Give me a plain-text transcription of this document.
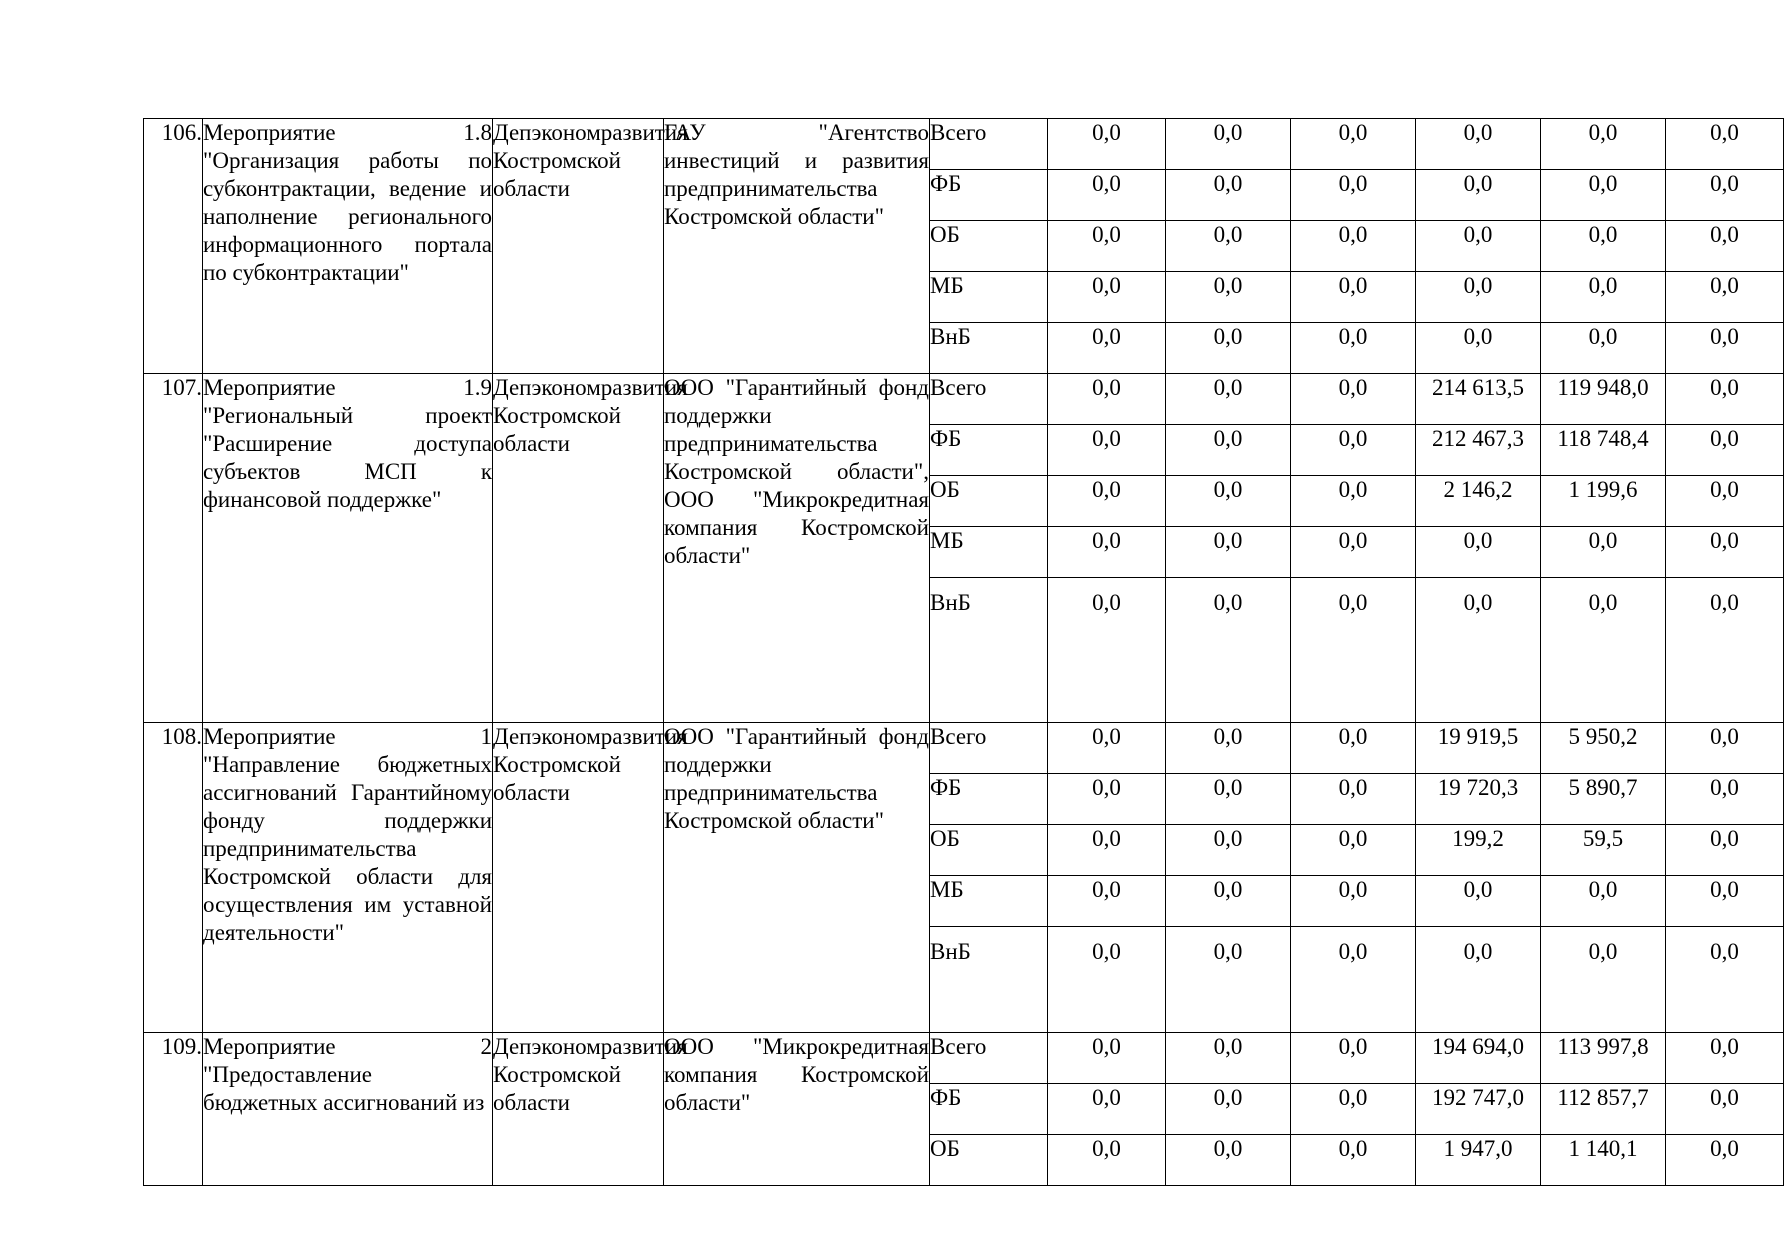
106.	Мероприятие 1.8 "Организация работы по субконтрактации, ведение и наполнение регионального информационного портала по субконтрактации"	Депэкономразвития Костромской области	ГАУ "Агентство инвестиций и развития предпринимательства Костромской области"	Всего	0,0	0,0	0,0	0,0	0,0	0,0
				ФБ	0,0	0,0	0,0	0,0	0,0	0,0
				ОБ	0,0	0,0	0,0	0,0	0,0	0,0
				МБ	0,0	0,0	0,0	0,0	0,0	0,0
				ВнБ	0,0	0,0	0,0	0,0	0,0	0,0
107.	Мероприятие 1.9 "Региональный проект "Расширение доступа субъектов МСП к финансовой поддержке"	Депэкономразвития Костромской области	ООО "Гарантийный фонд поддержки предпринимательства Костромской области", ООО "Микрокредитная компания Костромской области"	Всего	0,0	0,0	0,0	214 613,5	119 948,0	0,0
				ФБ	0,0	0,0	0,0	212 467,3	118 748,4	0,0
				ОБ	0,0	0,0	0,0	2 146,2	1 199,6	0,0
				МБ	0,0	0,0	0,0	0,0	0,0	0,0
				ВнБ	0,0	0,0	0,0	0,0	0,0	0,0
108.	Мероприятие 1 "Направление бюджетных ассигнований Гарантийному фонду поддержки предпринимательства Костромской области для осуществления им уставной деятельности"	Депэкономразвития Костромской области	ООО "Гарантийный фонд поддержки предпринимательства Костромской области"	Всего	0,0	0,0	0,0	19 919,5	5 950,2	0,0
				ФБ	0,0	0,0	0,0	19 720,3	5 890,7	0,0
				ОБ	0,0	0,0	0,0	199,2	59,5	0,0
				МБ	0,0	0,0	0,0	0,0	0,0	0,0
				ВнБ	0,0	0,0	0,0	0,0	0,0	0,0
109.	Мероприятие 2 "Предоставление бюджетных ассигнований из	Депэкономразвития Костромской области	ООО "Микрокредитная компания Костромской области"	Всего	0,0	0,0	0,0	194 694,0	113 997,8	0,0
				ФБ	0,0	0,0	0,0	192 747,0	112 857,7	0,0
				ОБ	0,0	0,0	0,0	1 947,0	1 140,1	0,0
